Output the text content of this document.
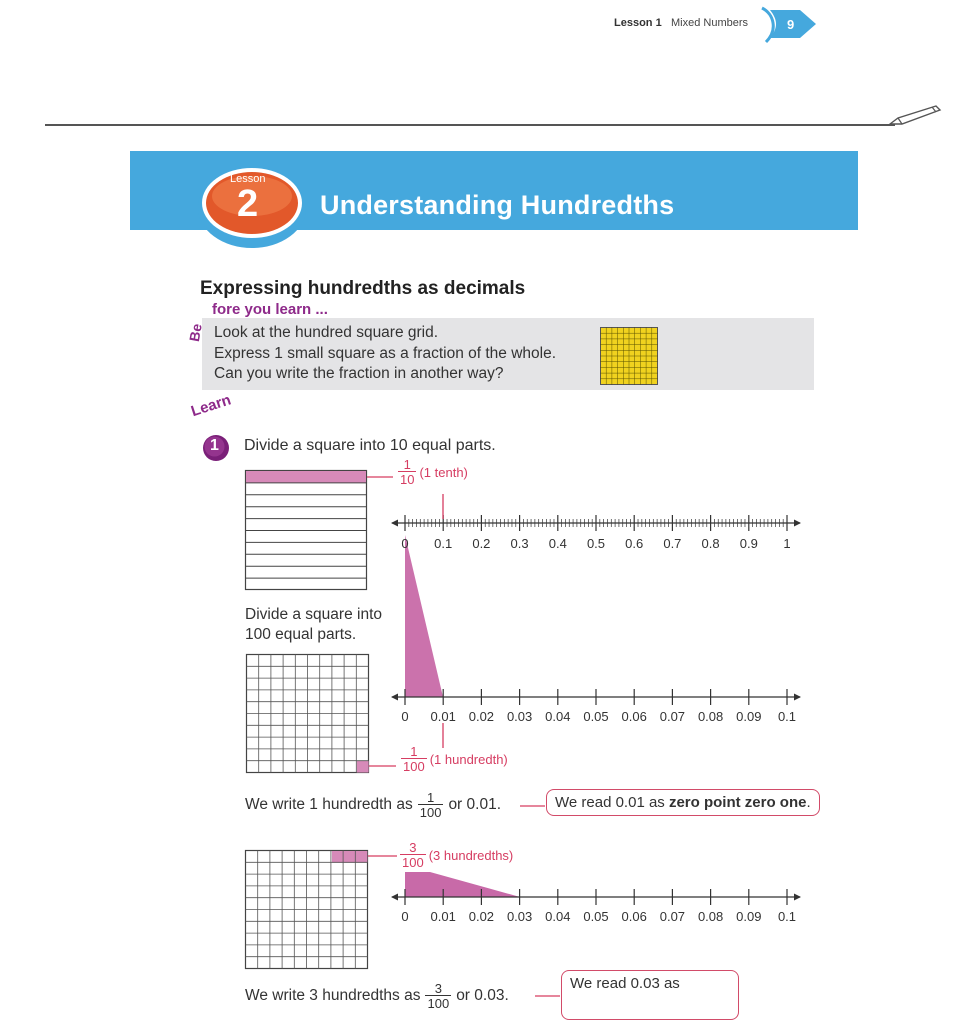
Lesson 1 Mixed Numbers	9
Lesson
2 Understanding Hundredths
Expressing hundredths as decimals
Be
fore you learn ...
Look at the hundred square grid.
Express 1 small square as a fraction of the whole.
Can you write the fraction in another way?
Learn
1 Divide a square into 10 equal parts.
0	0.1	0.2	0.3	0.4	0.5	0.6	0.7	0.8	0.9	1
0	0.01 0.02 0.03 0.04 0.05 0.06 0.07 0.08 0.09	0.1
0	0.01 0.02 0.03 0.04 0.05 0.06 0.07 0.08 0.09	0.1
$\frac{1}{10} (1$ tenth)
Divide a square into
100 equal parts.
$\frac{1}{100} (1$ hundredth)
We write 1 hundredth as $\frac{1}{100}$ or 0.01.	We read 0.01 as zero point zero one.
$\frac{3}{100} (3$ hundredths)
We write 3 hundredths as $\frac{3}{100}$ or 0.03.
We read 0.03 as
